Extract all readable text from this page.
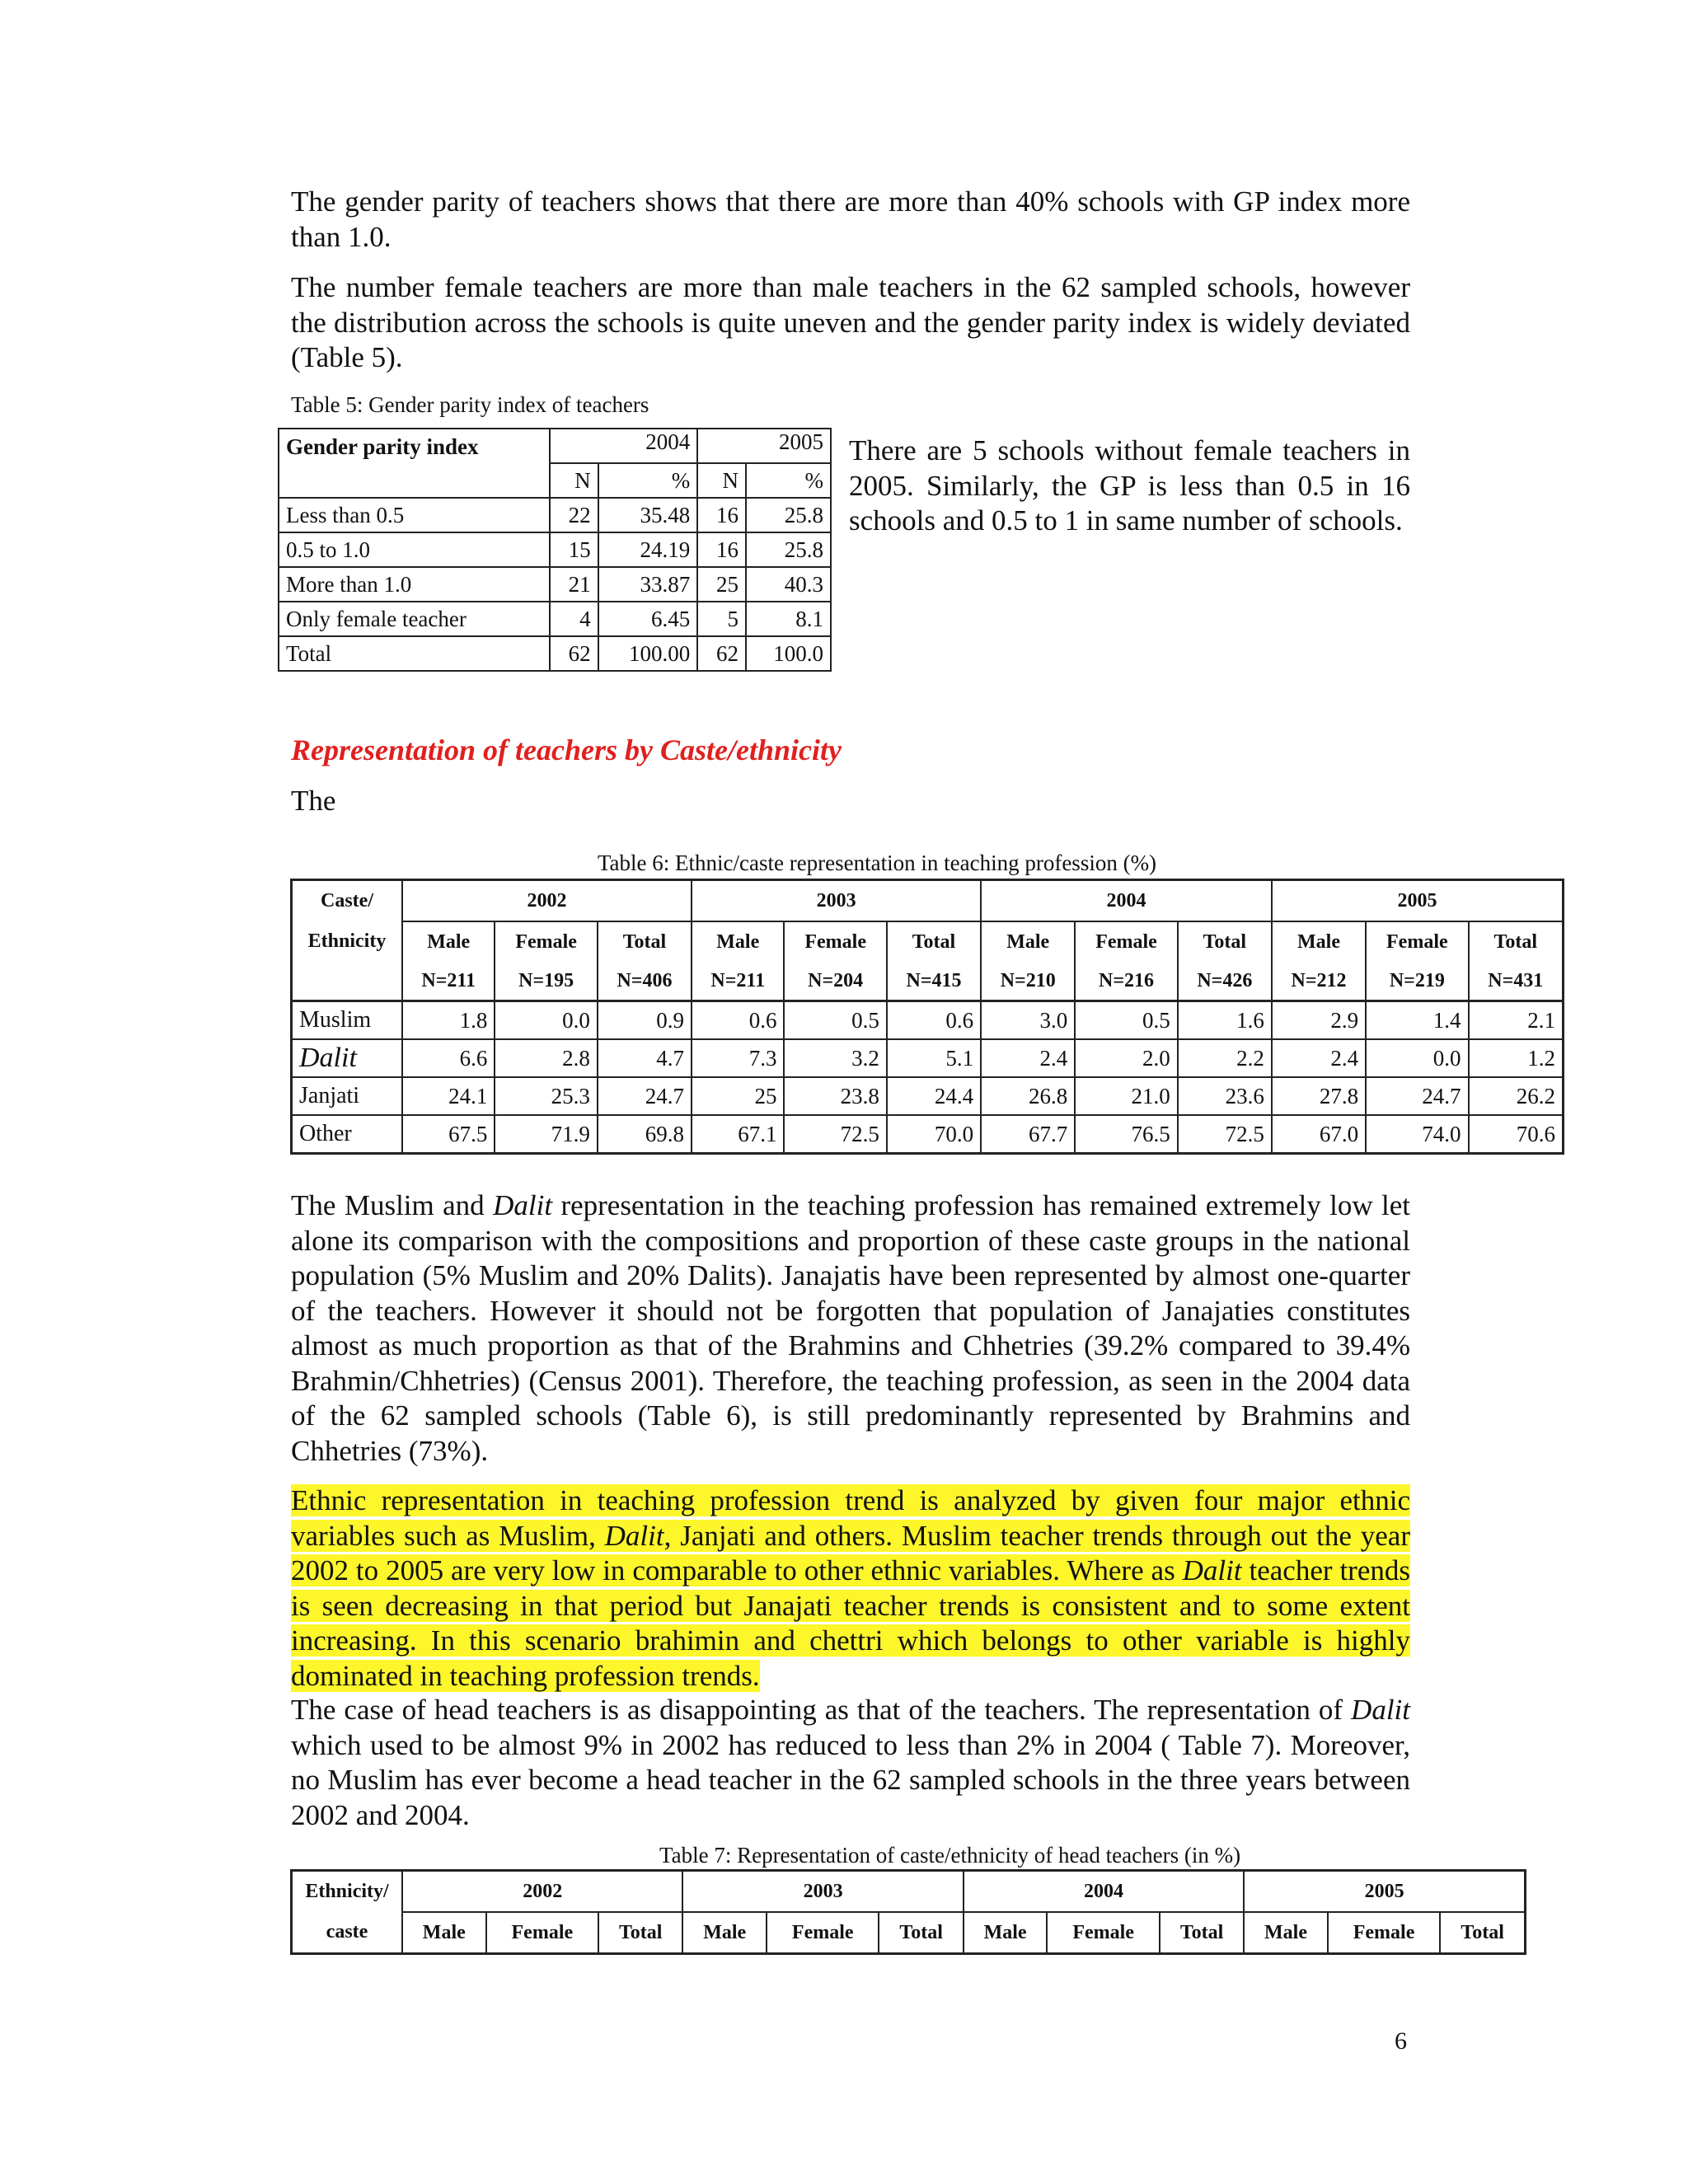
The gender parity of teachers shows that there are more than 40% schools with GP index more than 1.0.

The number female teachers are more than male teachers in the 62 sampled schools, however the distribution across the schools is quite uneven and the gender parity index is widely deviated (Table 5).

Table 5: Gender parity index of teachers

Gender parity index	2004		2005	
	N	%	N	%
Less than 0.5	22	35.48	16	25.8
0.5 to 1.0	15	24.19	16	25.8
More than 1.0	21	33.87	25	40.3
Only female teacher	4	6.45	5	8.1
Total	62	100.00	62	100.0

There are 5 schools without female teachers in 2005. Similarly, the GP is less than 0.5 in 16 schools and 0.5 to 1 in same number of schools.

Representation of teachers by Caste/ethnicity

The

Table 6: Ethnic/caste representation in teaching profession (%)

Caste/	2002			2003			2004			2005		
Ethnicity	Male	Female	Total	Male	Female	Total	Male	Female	Total	Male	Female	Total
	N=211	N=195	N=406	N=211	N=204	N=415	N=210	N=216	N=426	N=212	N=219	N=431
Muslim	1.8	0.0	0.9	0.6	0.5	0.6	3.0	0.5	1.6	2.9	1.4	2.1
Dalit	6.6	2.8	4.7	7.3	3.2	5.1	2.4	2.0	2.2	2.4	0.0	1.2
Janjati	24.1	25.3	24.7	25	23.8	24.4	26.8	21.0	23.6	27.8	24.7	26.2
Other	67.5	71.9	69.8	67.1	72.5	70.0	67.7	76.5	72.5	67.0	74.0	70.6

The Muslim and Dalit representation in the teaching profession has remained extremely low let alone its comparison with the compositions and proportion of these caste groups in the national population (5% Muslim and 20% Dalits). Janajatis have been represented by almost one-quarter of the teachers. However it should not be forgotten that population of Janajaties constitutes almost as much proportion as that of the Brahmins and Chhetries (39.2% compared to 39.4% Brahmin/Chhetries) (Census 2001). Therefore, the teaching profession, as seen in the 2004 data of the 62 sampled schools (Table 6), is still predominantly represented by Brahmins and Chhetries (73%).

Ethnic representation in teaching profession trend is analyzed by given four major ethnic variables such as Muslim, Dalit, Janjati and others. Muslim teacher trends through out the year 2002 to 2005 are very low in comparable to other ethnic variables. Where as Dalit teacher trends is seen decreasing in that period but Janajati teacher trends is consistent and to some extent increasing. In this scenario brahimin and chettri which belongs to other variable is highly dominated in teaching profession trends.

The case of head teachers is as disappointing as that of the teachers. The representation of Dalit which used to be almost 9% in 2002 has reduced to less than 2% in 2004 ( Table 7). Moreover, no Muslim has ever become a head teacher in the 62 sampled schools in the three years between 2002 and 2004.

Table 7: Representation of caste/ethnicity of head teachers (in %)

Ethnicity/	2002			2003			2004			2005		
caste	Male	Female	Total	Male	Female	Total	Male	Female	Total	Male	Female	Total
6
